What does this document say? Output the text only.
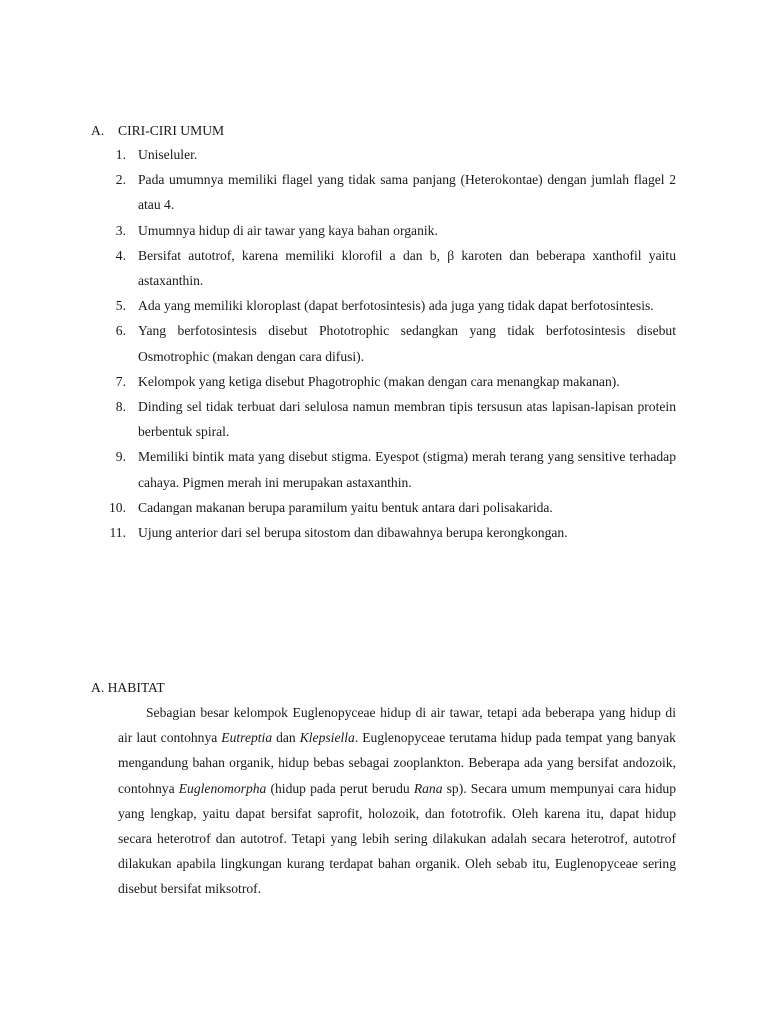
A. CIRI-CIRI UMUM
1. Uniseluler.
2. Pada umumnya memiliki flagel yang tidak sama panjang (Heterokontae) dengan jumlah flagel 2 atau 4.
3. Umumnya hidup di air tawar yang kaya bahan organik.
4. Bersifat autotrof, karena memiliki klorofil a dan b, β karoten dan beberapa xanthofil yaitu astaxanthin.
5. Ada yang memiliki kloroplast (dapat berfotosintesis) ada juga yang tidak dapat berfotosintesis.
6. Yang berfotosintesis disebut Phototrophic sedangkan yang tidak berfotosintesis disebut Osmotrophic (makan dengan cara difusi).
7. Kelompok yang ketiga disebut Phagotrophic (makan dengan cara menangkap makanan).
8. Dinding sel tidak terbuat dari selulosa namun membran tipis tersusun atas lapisan-lapisan protein berbentuk spiral.
9. Memiliki bintik mata yang disebut stigma. Eyespot (stigma) merah terang yang sensitive terhadap cahaya. Pigmen merah ini merupakan astaxanthin.
10. Cadangan makanan berupa paramilum yaitu bentuk antara dari polisakarida.
11. Ujung anterior dari sel berupa sitostom dan dibawahnya berupa kerongkongan.
A. HABITAT

Sebagian besar kelompok Euglenopyceae hidup di air tawar, tetapi ada beberapa yang hidup di air laut contohnya Eutreptia dan Klepsiella. Euglenopyceae terutama hidup pada tempat yang banyak mengandung bahan organik, hidup bebas sebagai zooplankton. Beberapa ada yang bersifat andozoik, contohnya Euglenomorpha (hidup pada perut berudu Rana sp). Secara umum mempunyai cara hidup yang lengkap, yaitu dapat bersifat saprofit, holozoik, dan fototrofik. Oleh karena itu, dapat hidup secara heterotrof dan autotrof. Tetapi yang lebih sering dilakukan adalah secara heterotrof, autotrof dilakukan apabila lingkungan kurang terdapat bahan organik. Oleh sebab itu, Euglenopyceae sering disebut bersifat miksotrof.
